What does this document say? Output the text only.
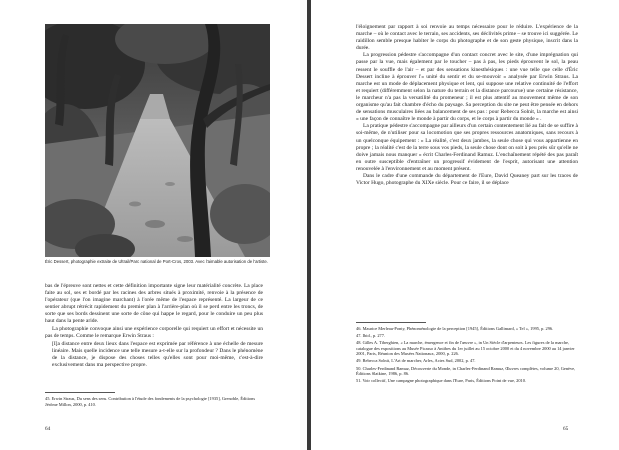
Éric Dessert, photographie extraite de Ultrail/Parc national de Port-Cros, 2003. Avec l'aimable autorisation de l'artiste.

bas de l'épreuve sont nettes et cette définition importante signe leur matérialité concrète. La place faite au sol, ses et bordé par les racines des arbres situés à proximité, renvoie à la présence de l'opérateur (que l'on imagine marchant) à l'orée même de l'espace représenté. La largeur de ce sentier abrupt rétrécit rapidement du premier plan à l'arrière-plan où il se perd entre les troncs, de sorte que ses bords dessinent une sorte de cône qui happe le regard, pour le conduire un peu plus haut dans la pente aride.

La photographie convoque ainsi une expérience corporelle qui requiert un effort et nécessite un pas de temps. Comme le remarque Erwin Straus :

[I]a distance entre deux lieux dans l'espace est exprimée par référence à une échelle de mesure linéaire. Mais quelle incidence une telle mesure a-t-elle sur la profondeur ? Dans le phénomène de la distance, je dispose des choses telles qu'elles sont pour moi-même, c'est-à-dire exclusivement dans ma perspective propre.

45. Erwin Straus, Du sens des sens. Contribution à l'étude des fondements de la psychologie [1935], Grenoble, Éditions Jérôme Millon, 2000, p. 410.

64

l'éloignement par rapport à soi renvoie au temps nécessaire pour le réduire. L'expérience de la marche – où le contact avec le terrain, ses accidents, ses déclivités prime – se trouve ici suggérée. Le raidillon semble presque habiter le corps du photographe et de son geste physique, inscrit dans la durée.

La progression pédestre s'accompagne d'un contact concret avec le site, d'une imprégnation qui passe par la vue, mais également par le toucher – pas à pas, les pieds éprouvent le sol, la peau ressent le souffle de l'air – et par des sensations kinesthésiques : une vue telle que celle d'Éric Dessert incline à éprouver l'« unité du sentir et du se-mouvoir » analysée par Erwin Straus. La marche est un mode de déplacement physique et lent, qui suppose une relative continuité de l'effort et requiert (différemment selon la nature du terrain et la distance parcourue) une certaine résistance, le marcheur n'a pas la versatilité du promeneur ; il est plus attentif au mouvement même de son organisme qu'au fait chambre d'écho du paysage. Sa perception du site ne peut être pensée en dehors de sensations musculaires liées au balancement de ses pas : pour Rebecca Solnit, la marche est ainsi « une façon de connaître le monde à partir du corps, et le corps à partir du monde » .

La pratique pédestre s'accompagne par ailleurs d'un certain contentement lié au fait de se suffire à soi-même, de n'utiliser pour sa locomotion que ses propres ressources anatomiques, sans recours à un quelconque équipement : « La réalité, c'est deux jambes, la seule chose qui vous appartienne en propre ; la réalité c'est de la terre sous vos pieds, la seule chose dont on soit à peu près sûr qu'elle ne doive jamais nous manquer » écrit Charles-Ferdinand Ramuz. L'enchaînement répété des pas paraît en outre susceptible d'entraîner un progressif évidement de l'esprit, autorisant une attention renouvelée à l'environnement et au moment présent.

Dans le cadre d'une commande du département de l'Eure, David Queaney part sur les traces de Victor Hugo, photographe du XIXe siècle. Pour ce faire, il se déplace

46. Maurice Merleau-Ponty, Phénoménologie de la perception [1945], Éditions Gallimard, « Tel », 1995, p. 296.

47. Ibid., p. 277.

48. Gilles A. Tiberghien, « La marche, émergence et fin de l'œuvre », in Un Siècle d'arpenteurs. Les figures de la marche, catalogue des expositions au Musée Picasso à Antibes du 1er juillet au 15 octobre 2000 et du 4 novembre 2000 au 14 janvier 2001, Paris, Réunion des Musées Nationaux, 2000, p. 226.

49. Rebecca Solnit, L'Art de marcher, Arles, Actes Sud, 2002, p. 47.

50. Charles-Ferdinand Ramuz, Découverte du Monde, in Charles-Ferdinand Ramuz, Œuvres complètes, volume 20, Genève, Éditions Slatkine, 1986, p. 86.

51. Voir collectif, Une campagne photographique dans l'Eure, Paris, Éditions Point de vue, 2010.

65
